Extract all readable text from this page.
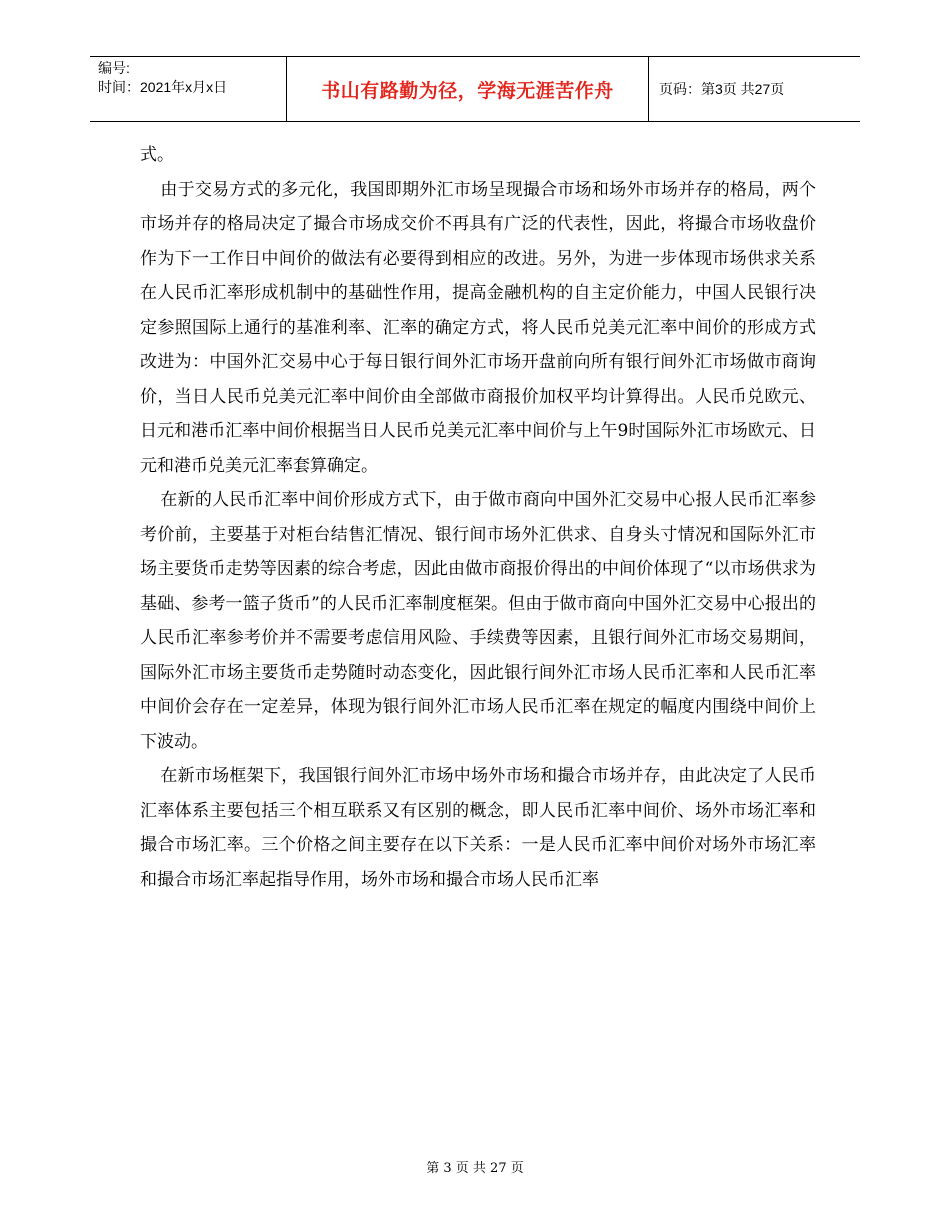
编号:
时间：2021年x月x日	书山有路勤为径，学海无涯苦作舟	页码：第3页 共27页

式。

由于交易方式的多元化，我国即期外汇市场呈现撮合市场和场外市场并存的格局，两个市场并存的格局决定了撮合市场成交价不再具有广泛的代表性，因此，将撮合市场收盘价作为下一工作日中间价的做法有必要得到相应的改进。另外，为进一步体现市场供求关系在人民币汇率形成机制中的基础性作用，提高金融机构的自主定价能力，中国人民银行决定参照国际上通行的基准利率、汇率的确定方式，将人民币兑美元汇率中间价的形成方式改进为：中国外汇交易中心于每日银行间外汇市场开盘前向所有银行间外汇市场做市商询价，当日人民币兑美元汇率中间价由全部做市商报价加权平均计算得出。人民币兑欧元、日元和港币汇率中间价根据当日人民币兑美元汇率中间价与上午9时国际外汇市场欧元、日元和港币兑美元汇率套算确定。

在新的人民币汇率中间价形成方式下，由于做市商向中国外汇交易中心报人民币汇率参考价前，主要基于对柜台结售汇情况、银行间市场外汇供求、自身头寸情况和国际外汇市场主要货币走势等因素的综合考虑，因此由做市商报价得出的中间价体现了“以市场供求为基础、参考一篮子货币”的人民币汇率制度框架。但由于做市商向中国外汇交易中心报出的人民币汇率参考价并不需要考虑信用风险、手续费等因素，且银行间外汇市场交易期间，国际外汇市场主要货币走势随时动态变化，因此银行间外汇市场人民币汇率和人民币汇率中间价会存在一定差异，体现为银行间外汇市场人民币汇率在规定的幅度内围绕中间价上下波动。

在新市场框架下，我国银行间外汇市场中场外市场和撮合市场并存，由此决定了人民币汇率体系主要包括三个相互联系又有区别的概念，即人民币汇率中间价、场外市场汇率和撮合市场汇率。三个价格之间主要存在以下关系：一是人民币汇率中间价对场外市场汇率和撮合市场汇率起指导作用，场外市场和撮合市场人民币汇率

第 3 页 共 27 页
